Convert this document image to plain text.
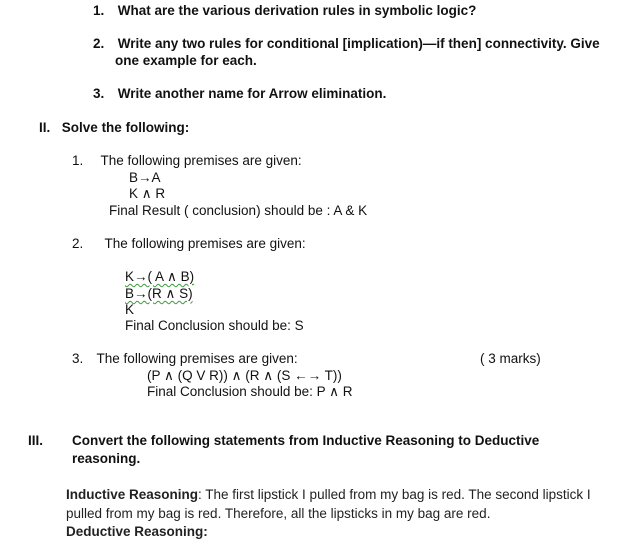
1. What are the various derivation rules in symbolic logic?
2. Write any two rules for conditional [implication)—if then] connectivity. Give
one example for each.
3. Write another name for Arrow elimination.
II. Solve the following:
1. The following premises are given:
B→A
K ∧ R
Final Result ( conclusion) should be : A & K
2. The following premises are given:
K→( A ∧ B)
B→(R ∧ S)
K
Final Conclusion should be: S
3. The following premises are given:	( 3 marks)
(P ∧ (Q V R)) ∧ (R ∧ (S ←→ T))
Final Conclusion should be: P ∧ R
III. Convert the following statements from Inductive Reasoning to Deductive
reasoning.
Inductive Reasoning: The first lipstick I pulled from my bag is red. The second lipstick I
pulled from my bag is red. Therefore, all the lipsticks in my bag are red.
Deductive Reasoning:
